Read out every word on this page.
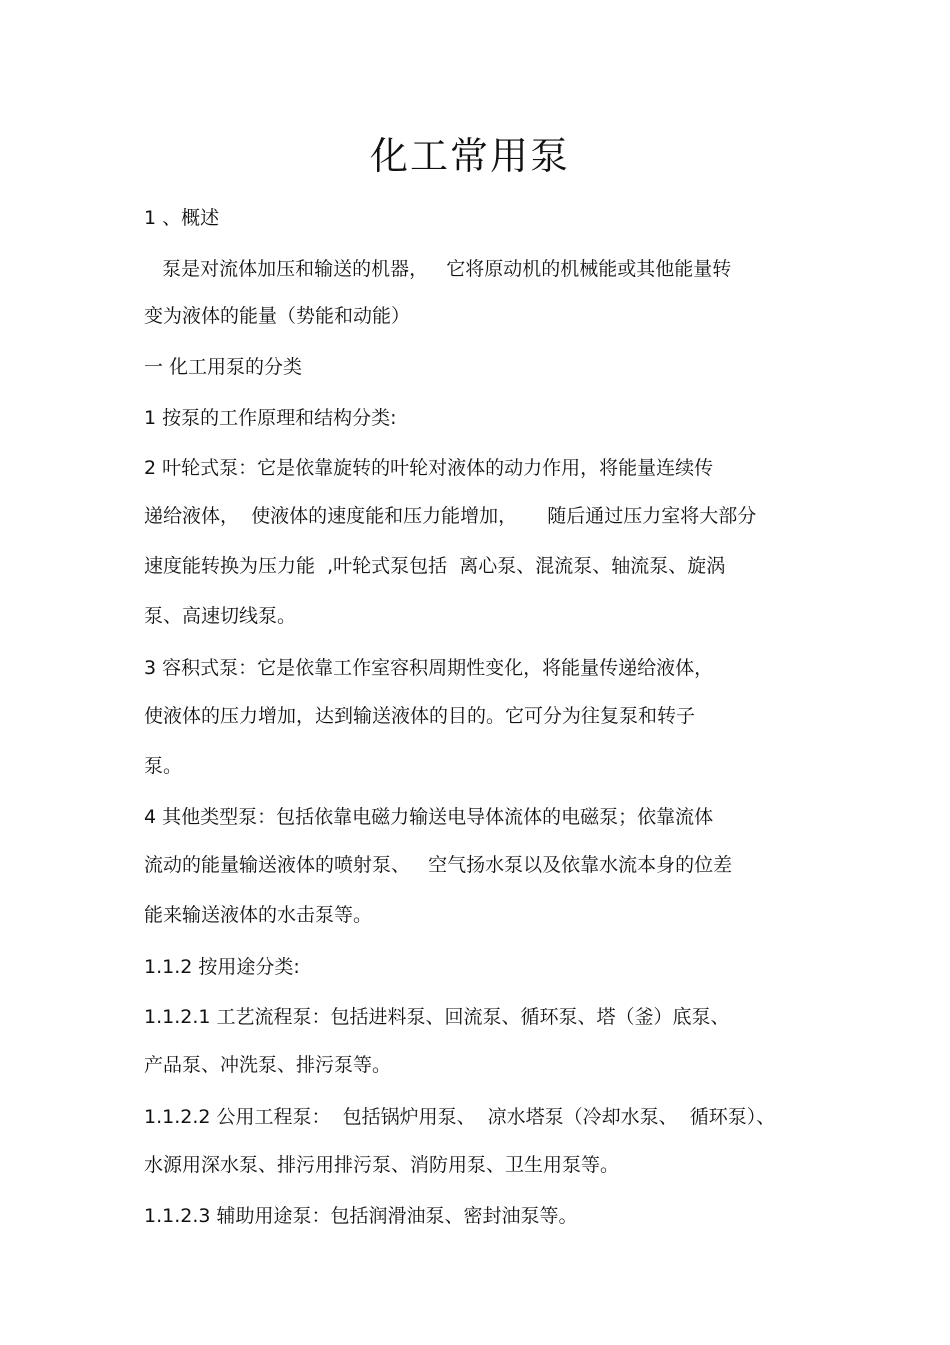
化工常用泵

1 、概述

泵是对流体加压和输送的机器，   它将原动机的机械能或其他能量转

变为液体的能量（势能和动能）

一 化工用泵的分类

1 按泵的工作原理和结构分类:

2 叶轮式泵：它是依靠旋转的叶轮对液体的动力作用，将能量连续传

递给液体，  使液体的速度能和压力能增加，     随后通过压力室将大部分

速度能转换为压力能  ,叶轮式泵包括  离心泵、混流泵、轴流泵、旋涡

泵、高速切线泵。

3 容积式泵：它是依靠工作室容积周期性变化，将能量传递给液体，

使液体的压力增加，达到输送液体的目的。它可分为往复泵和转子

泵。

4 其他类型泵：包括依靠电磁力输送电导体流体的电磁泵；依靠流体

流动的能量输送液体的喷射泵、   空气扬水泵以及依靠水流本身的位差

能来输送液体的水击泵等。

1.1.2 按用途分类:

1.1.2.1 工艺流程泵：包括进料泵、回流泵、循环泵、塔（釜）底泵、

产品泵、冲洗泵、排污泵等。

1.1.2.2 公用工程泵：  包括锅炉用泵、  凉水塔泵（冷却水泵、  循环泵）、

水源用深水泵、排污用排污泵、消防用泵、卫生用泵等。

1.1.2.3 辅助用途泵：包括润滑油泵、密封油泵等。
